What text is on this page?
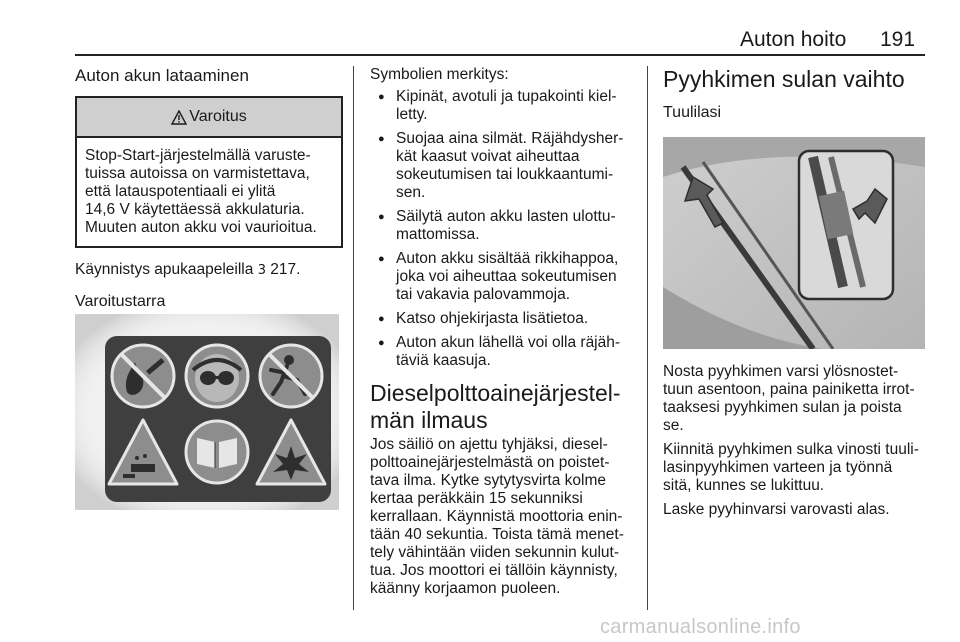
Auton hoito 191
Auton akun lataaminen
Varoitus
Stop-Start-järjestelmällä varuste-
tuissa autoissa on varmistettava,
että latauspotentiaali ei ylitä
14,6 V käytettäessä akkulaturia.
Muuten auton akku voi vaurioitua.

Käynnistys apukaapeleilla 3 217.

Varoitustarra

Symbolien merkitys:

● Kipinät, avotuli ja tupakointi kiel-
letty.
● Suojaa aina silmät. Räjähdysher-
kät kaasut voivat aiheuttaa
sokeutumisen tai loukkaantumi-
sen.
● Säilytä auton akku lasten ulottu-
mattomissa.
● Auton akku sisältää rikkihappoa,
joka voi aiheuttaa sokeutumisen
tai vakavia palovammoja.
● Katso ohjekirjasta lisätietoa.
● Auton akun lähellä voi olla räjäh-
täviä kaasuja.
Dieselpolttoainejärjestel-
män ilmaus
Jos säiliö on ajettu tyhjäksi, diesel-
polttoainejärjestelmästä on poistet-
tava ilma. Kytke sytytysvirta kolme
kertaa peräkkäin 15 sekunniksi
kerrallaan. Käynnistä moottoria enin-
tään 40 sekuntia. Toista tämä menet-
tely vähintään viiden sekunnin kulut-
tua. Jos moottori ei tällöin käynnisty,
käänny korjaamon puoleen.
Pyyhkimen sulan vaihto
Tuulilasi
Nosta pyyhkimen varsi ylösnostet-
tuun asentoon, paina painiketta irrot-
taaksesi pyyhkimen sulan ja poista
se.
Kiinnitä pyyhkimen sulka vinosti tuuli-
lasinpyyhkimen varteen ja työnnä
sitä, kunnes se lukittuu.
Laske pyyhinvarsi varovasti alas.
carmanualsonline.info
